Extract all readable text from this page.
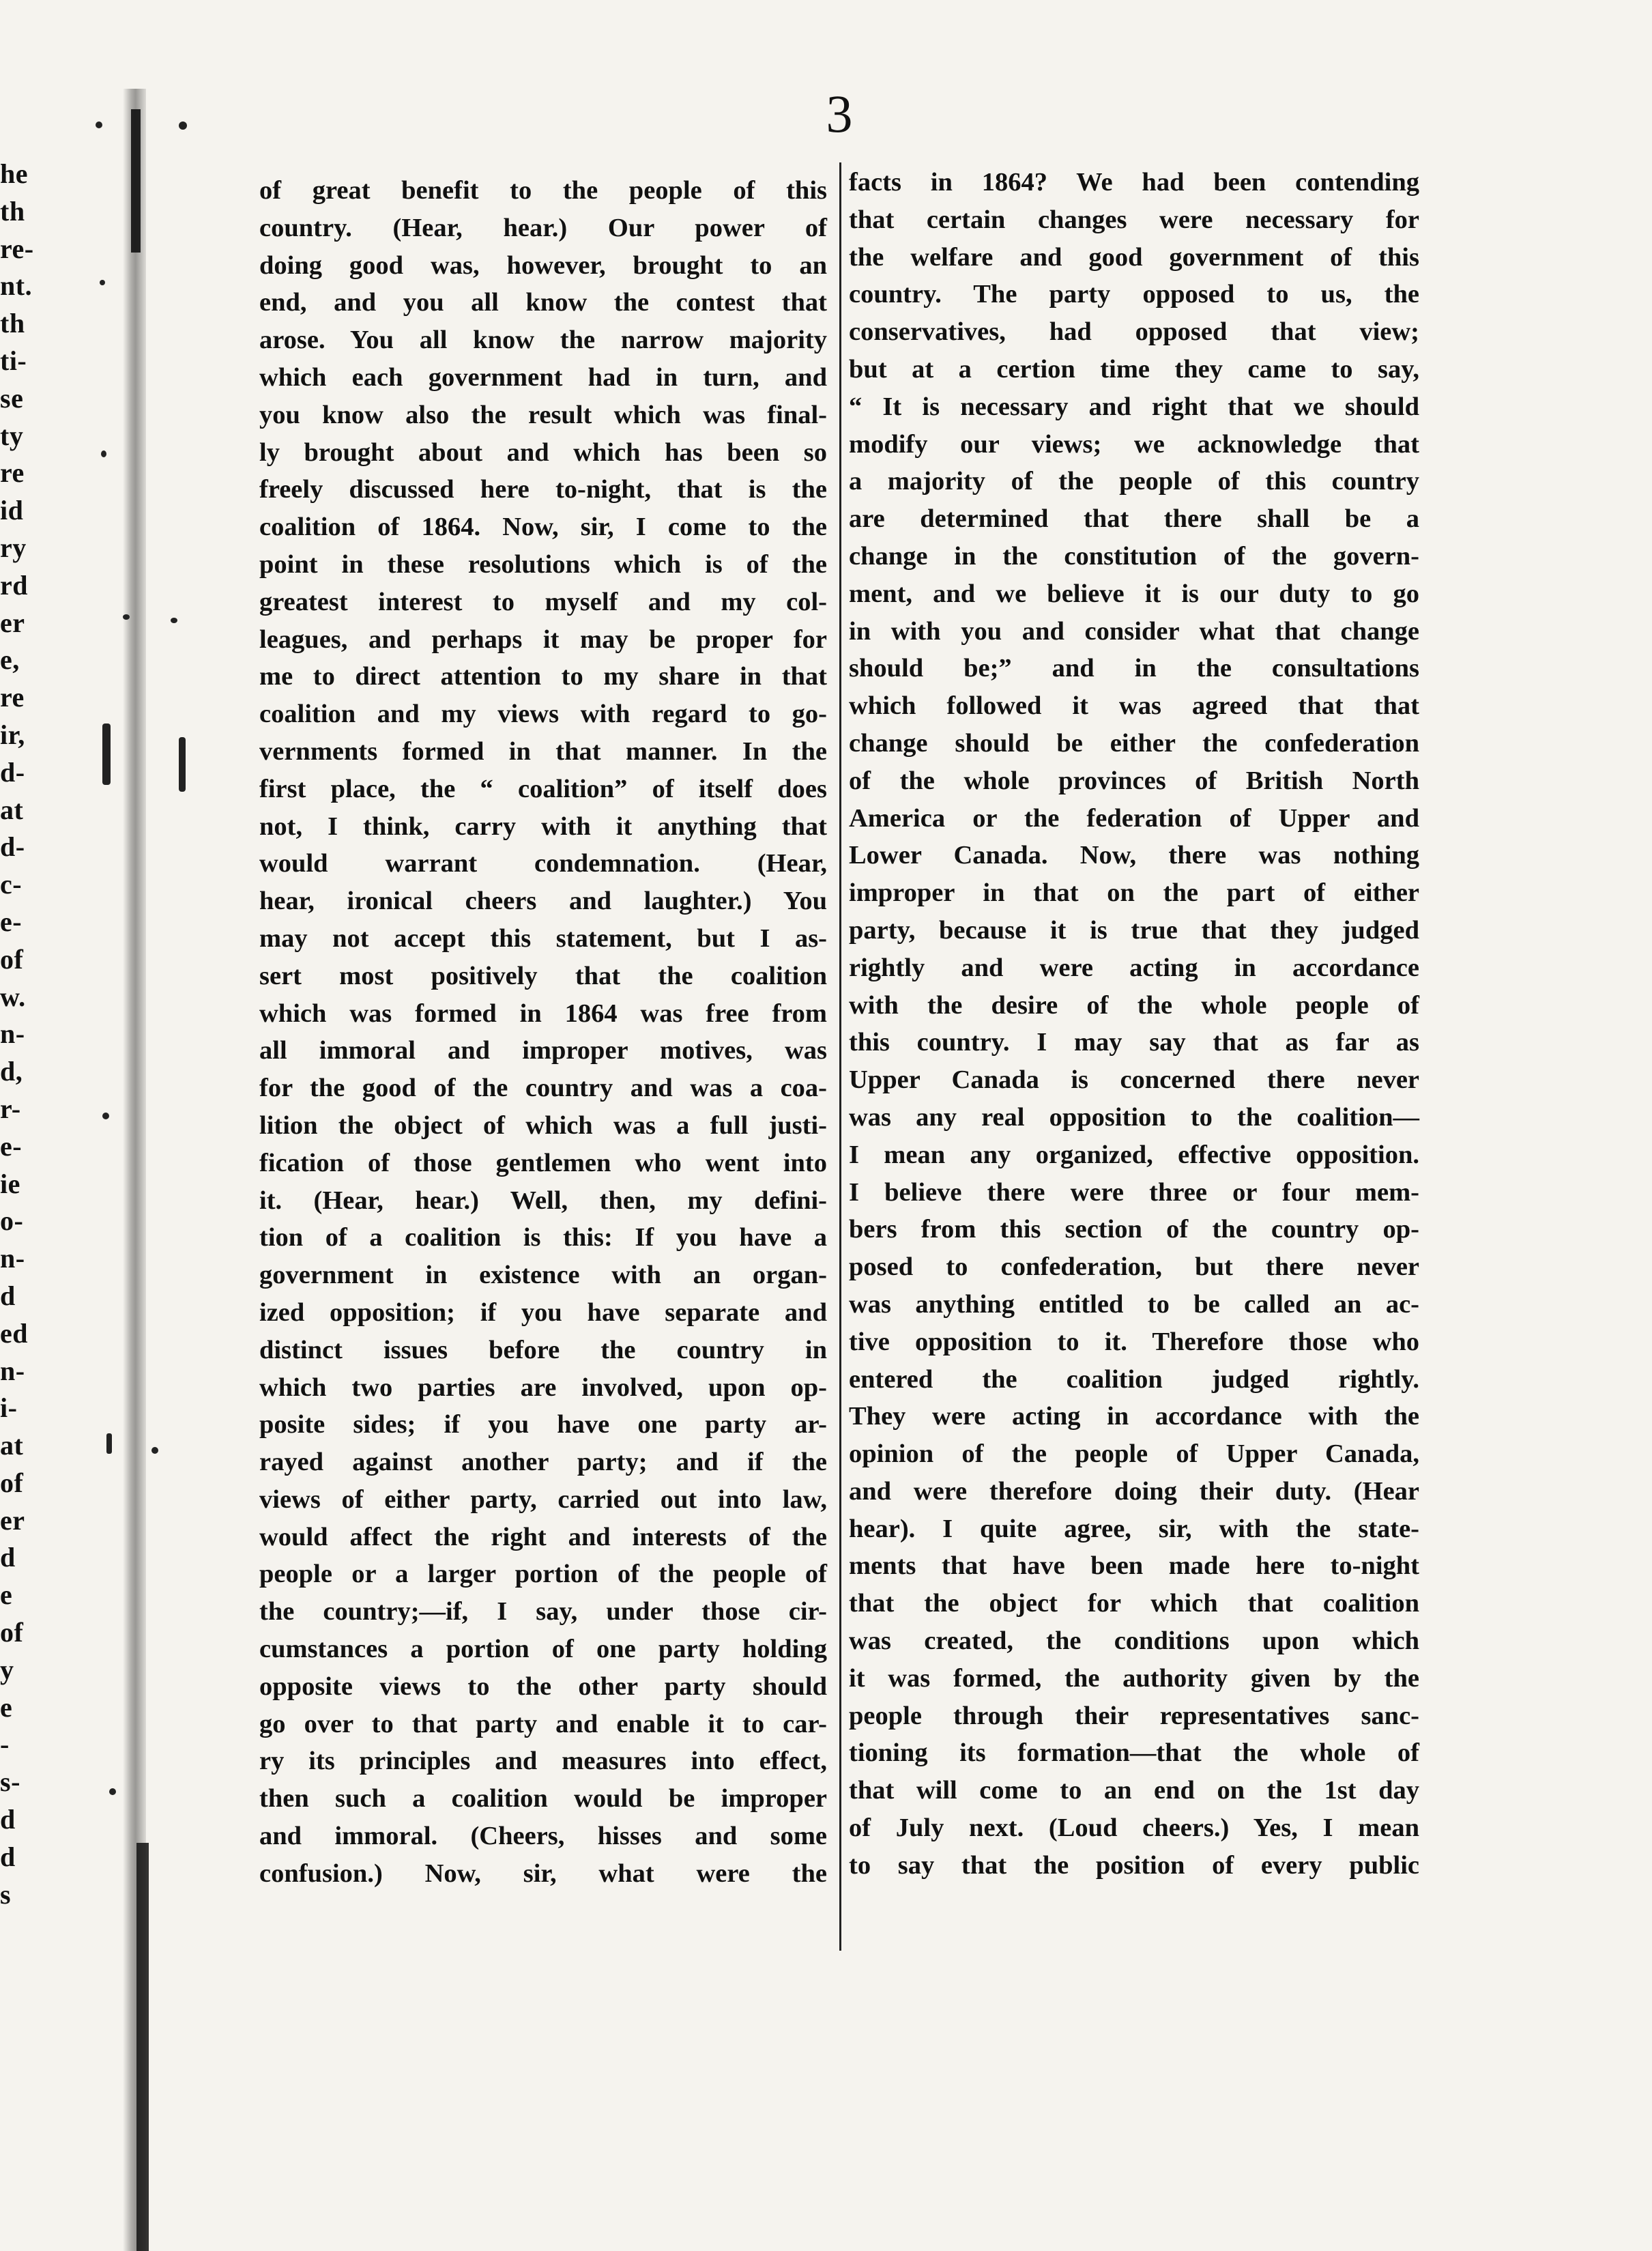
3
he
th
re-
nt.
th
ti-
se
ty
re
id
ry
rd
er
e,
re
ir,
d-
at
d-
c-
e-
of
w.
n-
d,
r-
e-
ie
o-
n-
d
ed
n-
i-
at
of
er
d
e
of
y
e
-
s-
d
d
s
of great benefit to the people of this
country. (Hear, hear.) Our power of
doing good was, however, brought to an
end, and you all know the contest that
arose. You all know the narrow majority
which each government had in turn, and
you know also the result which was final-
ly brought about and which has been so
freely discussed here to-night, that is the
coalition of 1864. Now, sir, I come to the
point in these resolutions which is of the
greatest interest to myself and my col-
leagues, and perhaps it may be proper for
me to direct attention to my share in that
coalition and my views with regard to go-
vernments formed in that manner. In the
first place, the “ coalition” of itself does
not, I think, carry with it anything that
would warrant condemnation. (Hear,
hear, ironical cheers and laughter.) You
may not accept this statement, but I as-
sert most positively that the coalition
which was formed in 1864 was free from
all immoral and improper motives, was
for the good of the country and was a coa-
lition the object of which was a full justi-
fication of those gentlemen who went into
it. (Hear, hear.) Well, then, my defini-
tion of a coalition is this: If you have a
government in existence with an organ-
ized opposition; if you have separate and
distinct issues before the country in
which two parties are involved, upon op-
posite sides; if you have one party ar-
rayed against another party; and if the
views of either party, carried out into law,
would affect the right and interests of the
people or a larger portion of the people of
the country;—if, I say, under those cir-
cumstances a portion of one party holding
opposite views to the other party should
go over to that party and enable it to car-
ry its principles and measures into effect,
then such a coalition would be improper
and immoral. (Cheers, hisses and some
confusion.) Now, sir, what were the
facts in 1864? We had been contending
that certain changes were necessary for
the welfare and good government of this
country. The party opposed to us, the
conservatives, had opposed that view;
but at a certion time they came to say,
“ It is necessary and right that we should
modify our views; we acknowledge that
a majority of the people of this country
are determined that there shall be a
change in the constitution of the govern-
ment, and we believe it is our duty to go
in with you and consider what that change
should be;” and in the consultations
which followed it was agreed that that
change should be either the confederation
of the whole provinces of British North
America or the federation of Upper and
Lower Canada. Now, there was nothing
improper in that on the part of either
party, because it is true that they judged
rightly and were acting in accordance
with the desire of the whole people of
this country. I may say that as far as
Upper Canada is concerned there never
was any real opposition to the coalition—
I mean any organized, effective opposition.
I believe there were three or four mem-
bers from this section of the country op-
posed to confederation, but there never
was anything entitled to be called an ac-
tive opposition to it. Therefore those who
entered the coalition judged rightly.
They were acting in accordance with the
opinion of the people of Upper Canada,
and were therefore doing their duty. (Hear
hear). I quite agree, sir, with the state-
ments that have been made here to-night
that the object for which that coalition
was created, the conditions upon which
it was formed, the authority given by the
people through their representatives sanc-
tioning its formation—that the whole of
that will come to an end on the 1st day
of July next. (Loud cheers.) Yes, I mean
to say that the position of every public
